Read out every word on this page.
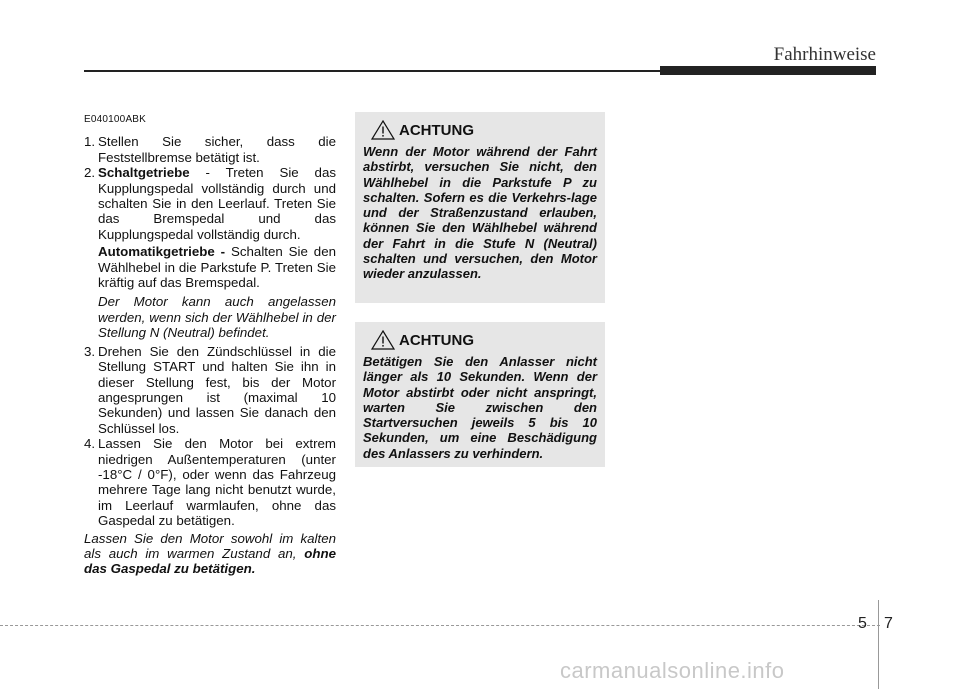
Fahrhinweise
E040100ABK
1. Stellen Sie sicher, dass die Feststellbremse betätigt ist.
2. Schaltgetriebe - Treten Sie das Kupplungspedal vollständig durch und schalten Sie in den Leerlauf. Treten Sie das Bremspedal und das Kupplungspedal vollständig durch.
Automatikgetriebe - Schalten Sie den Wählhebel in die Parkstufe P. Treten Sie kräftig auf das Bremspedal.
Der Motor kann auch angelassen werden, wenn sich der Wählhebel in der Stellung N (Neutral) befindet.
3. Drehen Sie den Zündschlüssel in die Stellung START und halten Sie ihn in dieser Stellung fest, bis der Motor angesprungen ist (maximal 10 Sekunden) und lassen Sie danach den Schlüssel los.
4. Lassen Sie den Motor bei extrem niedrigen Außentemperaturen (unter -18°C / 0°F), oder wenn das Fahrzeug mehrere Tage lang nicht benutzt wurde, im Leerlauf warmlaufen, ohne das Gaspedal zu betätigen.
Lassen Sie den Motor sowohl im kalten als auch im warmen Zustand an, ohne das Gaspedal zu betätigen.
ACHTUNG
Wenn der Motor während der Fahrt abstirbt, versuchen Sie nicht, den Wählhebel in die Parkstufe P zu schalten. Sofern es die Verkehrs-lage und der Straßenzustand erlauben, können Sie den Wählhebel während der Fahrt in die Stufe N (Neutral) schalten und versuchen, den Motor wieder anzulassen.
ACHTUNG
Betätigen Sie den Anlasser nicht länger als 10 Sekunden. Wenn der Motor abstirbt oder nicht anspringt, warten Sie zwischen den Startversuchen jeweils 5 bis 10 Sekunden, um eine Beschädigung des Anlassers zu verhindern.
5 7
carmanualsonline.info
